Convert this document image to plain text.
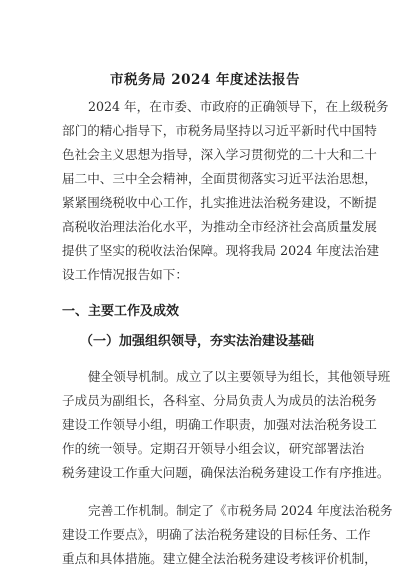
市税务局 2024 年度述法报告
2024 年，在市委、市政府的正确领导下，在上级税务
部门的精心指导下，市税务局坚持以习近平新时代中国特
色社会主义思想为指导，深入学习贯彻党的二十大和二十
届二中、三中全会精神，全面贯彻落实习近平法治思想，
紧紧围绕税收中心工作，扎实推进法治税务建设，不断提
高税收治理法治化水平，为推动全市经济社会高质量发展
提供了坚实的税收法治保障。现将我局 2024 年度法治建
设工作情况报告如下：
一、主要工作及成效
（一）加强组织领导，夯实法治建设基础
健全领导机制。成立了以主要领导为组长，其他领导班
子成员为副组长，各科室、分局负责人为成员的法治税务
建设工作领导小组，明确工作职责，加强对法治税务设工
作的统一领导。定期召开领导小组会议，研究部署法治
税务建设工作重大问题，确保法治税务建设工作有序推进。
完善工作机制。制定了《市税务局 2024 年度法治税务
建设工作要点》，明确了法治税务建设的目标任务、工作
重点和具体措施。建立健全法治税务建设考核评价机制，
